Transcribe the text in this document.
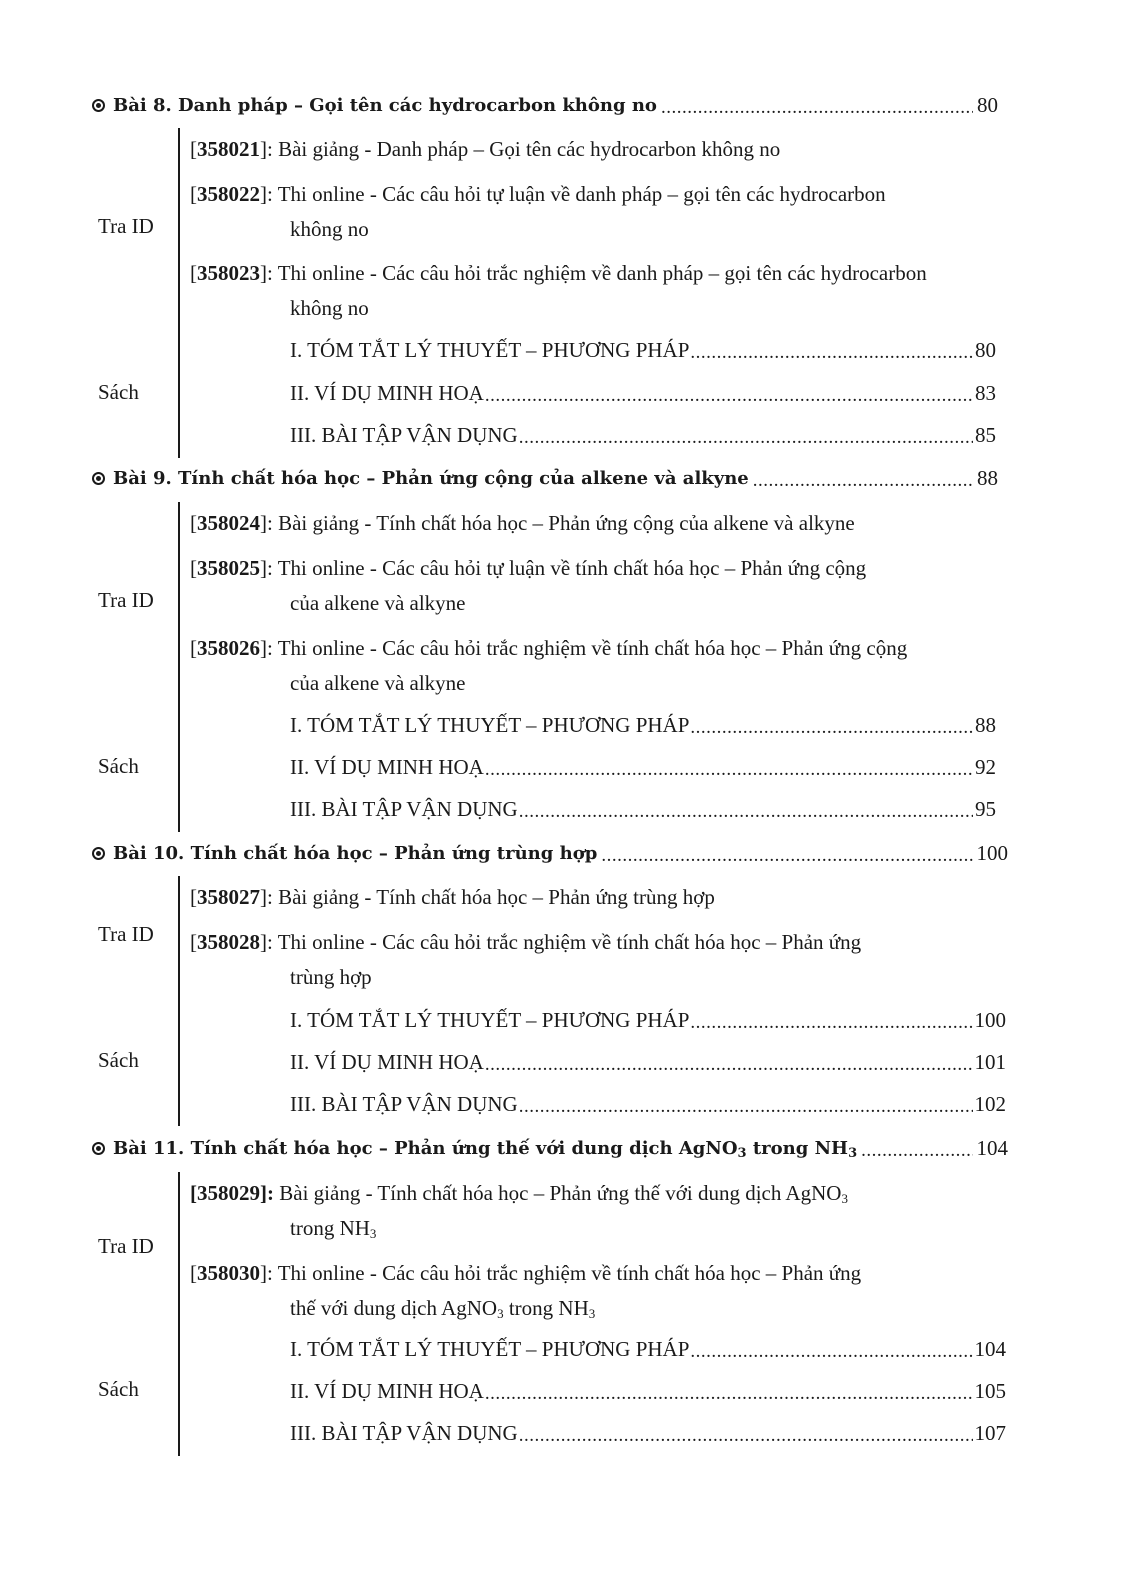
Bài 8. Danh pháp – Gọi tên các hydrocarbon không no .....	80
Tra ID
Sách
[358021]: Bài giảng - Danh pháp – Gọi tên các hydrocarbon không no
[358022]: Thi online - Các câu hỏi tự luận về danh pháp – gọi tên các hydrocarbon
không no
[358023]: Thi online - Các câu hỏi trắc nghiệm về danh pháp – gọi tên các hydrocarbon
không no
I. TÓM TẮT LÝ THUYẾT – PHƯƠNG PHÁP .....	80
II. VÍ DỤ MINH HOẠ .....	83
III. BÀI TẬP VẬN DỤNG .....	85
Bài 9. Tính chất hóa học – Phản ứng cộng của alkene và alkyne .....	88
Tra ID
Sách
[358024]: Bài giảng - Tính chất hóa học – Phản ứng cộng của alkene và alkyne
[358025]: Thi online - Các câu hỏi tự luận về tính chất hóa học – Phản ứng cộng
của alkene và alkyne
[358026]: Thi online - Các câu hỏi trắc nghiệm về tính chất hóa học – Phản ứng cộng
của alkene và alkyne
I. TÓM TẮT LÝ THUYẾT – PHƯƠNG PHÁP .....	88
II. VÍ DỤ MINH HOẠ .....	92
III. BÀI TẬP VẬN DỤNG .....	95
Bài 10. Tính chất hóa học – Phản ứng trùng hợp .....	100
Tra ID
Sách
[358027]: Bài giảng - Tính chất hóa học – Phản ứng trùng hợp
[358028]: Thi online - Các câu hỏi trắc nghiệm về tính chất hóa học – Phản ứng
trùng hợp
I. TÓM TẮT LÝ THUYẾT – PHƯƠNG PHÁP .....	100
II. VÍ DỤ MINH HOẠ .....	101
III. BÀI TẬP VẬN DỤNG .....	102
Bài 11. Tính chất hóa học – Phản ứng thế với dung dịch AgNO$_3$ trong $NH_3$ .....	104
Tra ID
Sách
[358029]: Bài giảng - Tính chất hóa học – Phản ứng thế với dung dịch AgNO$_3$
trong $NH_3$
[358030]: Thi online - Các câu hỏi trắc nghiệm về tính chất hóa học – Phản ứng
thế với dung dịch AgNO$_3$ trong $NH_3$
I. TÓM TẮT LÝ THUYẾT – PHƯƠNG PHÁP .....	104
II. VÍ DỤ MINH HOẠ .....	105
III. BÀI TẬP VẬN DỤNG .....	107
